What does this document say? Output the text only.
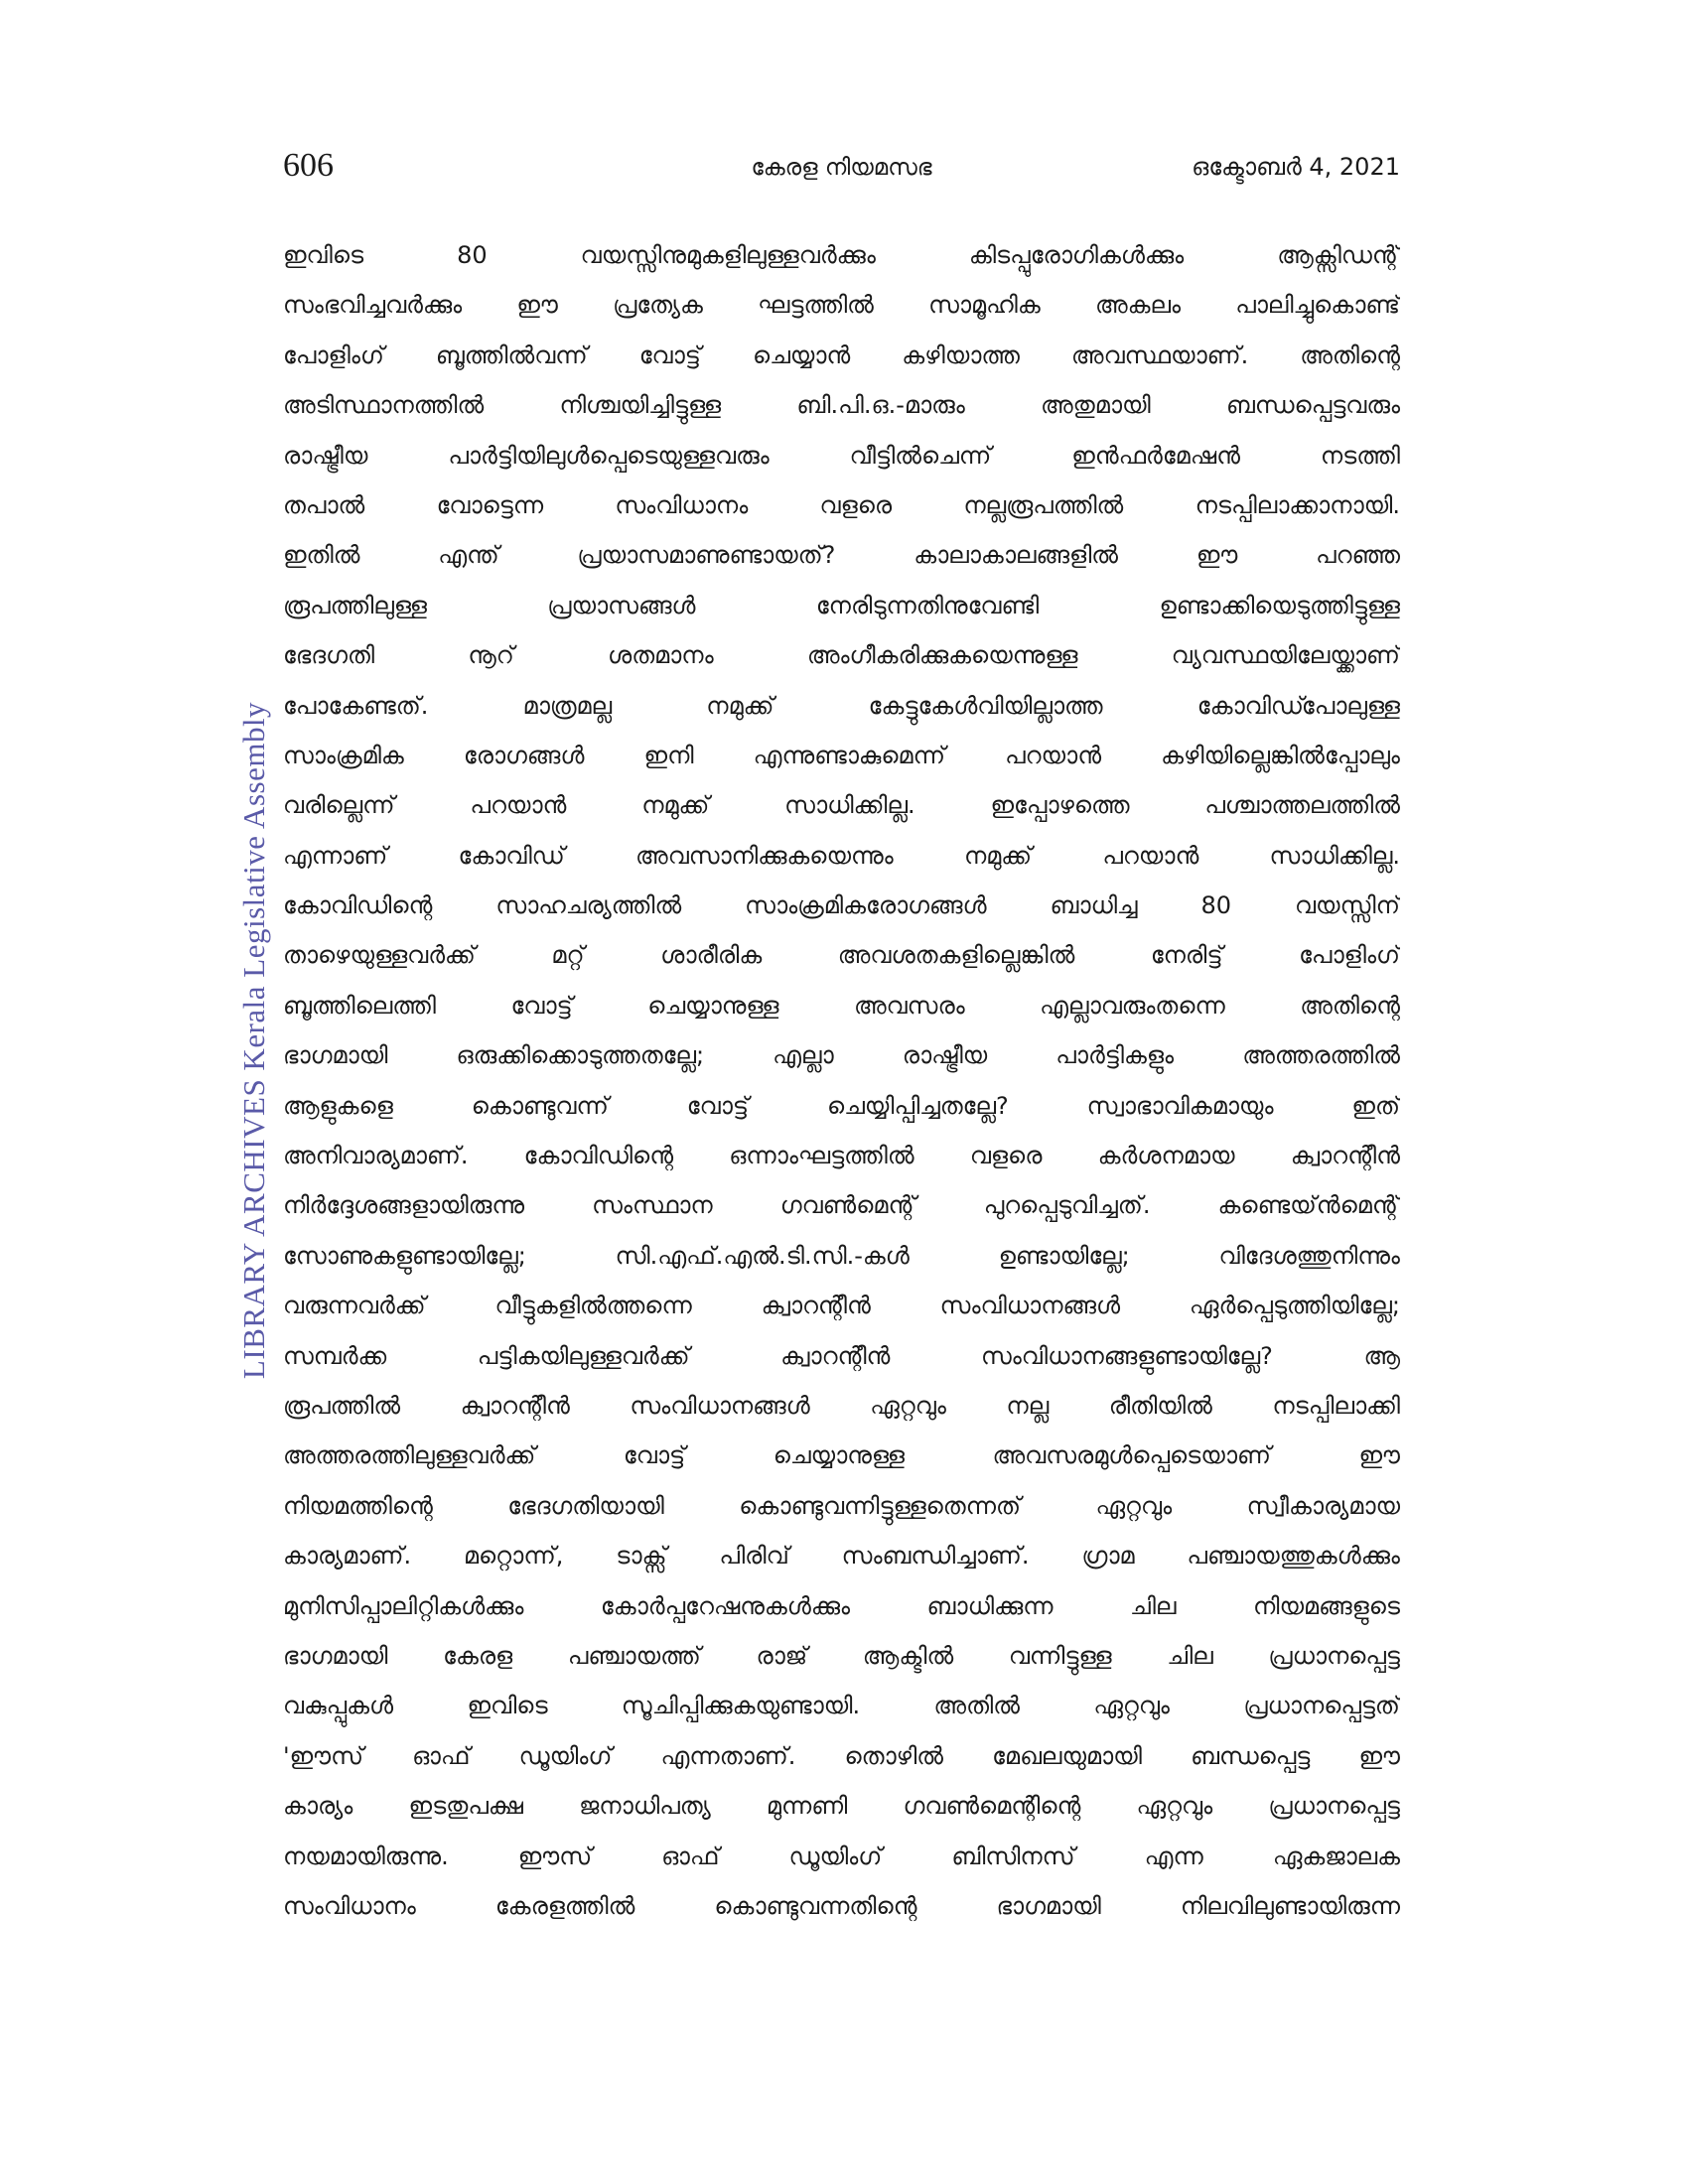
606	കേരള നിയമസഭ	ഒക്ടോബർ 4, 2021
LIBRARY ARCHIVES Kerala Legislative Assembly
ഇവിടെ 80 വയസ്സിനുമുകളിലുള്ളവർക്കും കിടപ്പുരോഗികൾക്കും ആക്സിഡന്റ്
സംഭവിച്ചവർക്കും ഈ പ്രത്യേക ഘട്ടത്തിൽ സാമൂഹിക അകലം പാലിച്ചുകൊണ്ട്
പോളിംഗ് ബൂത്തിൽവന്ന് വോട്ട് ചെയ്യാൻ കഴിയാത്ത അവസ്ഥയാണ്. അതിന്റെ
അടിസ്ഥാനത്തിൽ നിശ്ചയിച്ചിട്ടുള്ള ബി.പി.ഒ.-മാരും അതുമായി ബന്ധപ്പെട്ടവരും
രാഷ്ട്രീയ പാർട്ടിയിലുൾപ്പെടെയുള്ളവരും വീട്ടിൽചെന്ന് ഇൻഫർമേഷൻ നടത്തി
തപാൽ വോട്ടെന്ന സംവിധാനം വളരെ നല്ലരൂപത്തിൽ നടപ്പിലാക്കാനായി.
ഇതിൽ എന്ത് പ്രയാസമാണുണ്ടായത്? കാലാകാലങ്ങളിൽ ഈ പറഞ്ഞ
രൂപത്തിലുള്ള പ്രയാസങ്ങൾ നേരിടുന്നതിനുവേണ്ടി ഉണ്ടാക്കിയെടുത്തിട്ടുള്ള
ഭേദഗതി നൂറ് ശതമാനം അംഗീകരിക്കുകയെന്നുള്ള വ്യവസ്ഥയിലേയ്ക്കാണ്
പോകേണ്ടത്. മാത്രമല്ല നമുക്ക് കേട്ടുകേൾവിയില്ലാത്ത കോവിഡ്പോലുള്ള
സാംക്രമിക രോഗങ്ങൾ ഇനി എന്നുണ്ടാകുമെന്ന് പറയാൻ കഴിയില്ലെങ്കിൽപ്പോലും
വരില്ലെന്ന് പറയാൻ നമുക്ക് സാധിക്കില്ല. ഇപ്പോഴത്തെ പശ്ചാത്തലത്തിൽ
എന്നാണ് കോവിഡ് അവസാനിക്കുകയെന്നും നമുക്ക് പറയാൻ സാധിക്കില്ല.
കോവിഡിന്റെ സാഹചര്യത്തിൽ സാംക്രമികരോഗങ്ങൾ ബാധിച്ച 80 വയസ്സിന്
താഴെയുള്ളവർക്ക് മറ്റ് ശാരീരിക അവശതകളില്ലെങ്കിൽ നേരിട്ട് പോളിംഗ്
ബൂത്തിലെത്തി വോട്ട് ചെയ്യാനുള്ള അവസരം എല്ലാവരുംതന്നെ അതിന്റെ
ഭാഗമായി ഒരുക്കിക്കൊടുത്തതല്ലേ; എല്ലാ രാഷ്ട്രീയ പാർട്ടികളും അത്തരത്തിൽ
ആളുകളെ കൊണ്ടുവന്ന് വോട്ട് ചെയ്യിപ്പിച്ചതല്ലേ? സ്വാഭാവികമായും ഇത്
അനിവാര്യമാണ്. കോവിഡിന്റെ ഒന്നാംഘട്ടത്തിൽ വളരെ കർശനമായ ക്വാറന്റീൻ
നിർദ്ദേശങ്ങളായിരുന്നു സംസ്ഥാന ഗവൺമെന്റ് പുറപ്പെടുവിച്ചത്. കണ്ടെയ്ൻമെന്റ്
സോണുകളുണ്ടായില്ലേ; സി.എഫ്.എൽ.ടി.സി.-കൾ ഉണ്ടായില്ലേ; വിദേശത്തുനിന്നും
വരുന്നവർക്ക് വീട്ടുകളിൽത്തന്നെ ക്വാറന്റീൻ സംവിധാനങ്ങൾ ഏർപ്പെടുത്തിയില്ലേ;
സമ്പർക്ക പട്ടികയിലുള്ളവർക്ക് ക്വാറന്റീൻ സംവിധാനങ്ങളുണ്ടായില്ലേ? ആ
രൂപത്തിൽ ക്വാറന്റീൻ സംവിധാനങ്ങൾ ഏറ്റവും നല്ല രീതിയിൽ നടപ്പിലാക്കി
അത്തരത്തിലുള്ളവർക്ക് വോട്ട് ചെയ്യാനുള്ള അവസരമുൾപ്പെടെയാണ് ഈ
നിയമത്തിന്റെ ഭേദഗതിയായി കൊണ്ടുവന്നിട്ടുള്ളതെന്നത് ഏറ്റവും സ്വീകാര്യമായ
കാര്യമാണ്. മറ്റൊന്ന്, ടാക്സ് പിരിവ് സംബന്ധിച്ചാണ്. ഗ്രാമ പഞ്ചായത്തുകൾക്കും
മുനിസിപ്പാലിറ്റികൾക്കും കോർപ്പറേഷനുകൾക്കും ബാധിക്കുന്ന ചില നിയമങ്ങളുടെ
ഭാഗമായി കേരള പഞ്ചായത്ത് രാജ് ആക്ടിൽ വന്നിട്ടുള്ള ചില പ്രധാനപ്പെട്ട
വകുപ്പുകൾ ഇവിടെ സൂചിപ്പിക്കുകയുണ്ടായി. അതിൽ ഏറ്റവും പ്രധാനപ്പെട്ടത്
'ഈസ് ഓഫ് ഡൂയിംഗ് എന്നതാണ്. തൊഴിൽ മേഖലയുമായി ബന്ധപ്പെട്ട ഈ
കാര്യം ഇടതുപക്ഷ ജനാധിപത്യ മുന്നണി ഗവൺമെന്റിന്റെ ഏറ്റവും പ്രധാനപ്പെട്ട
നയമായിരുന്നു. ഈസ് ഓഫ് ഡൂയിംഗ് ബിസിനസ് എന്ന ഏകജാലക
സംവിധാനം കേരളത്തിൽ കൊണ്ടുവന്നതിന്റെ ഭാഗമായി നിലവിലുണ്ടായിരുന്ന
